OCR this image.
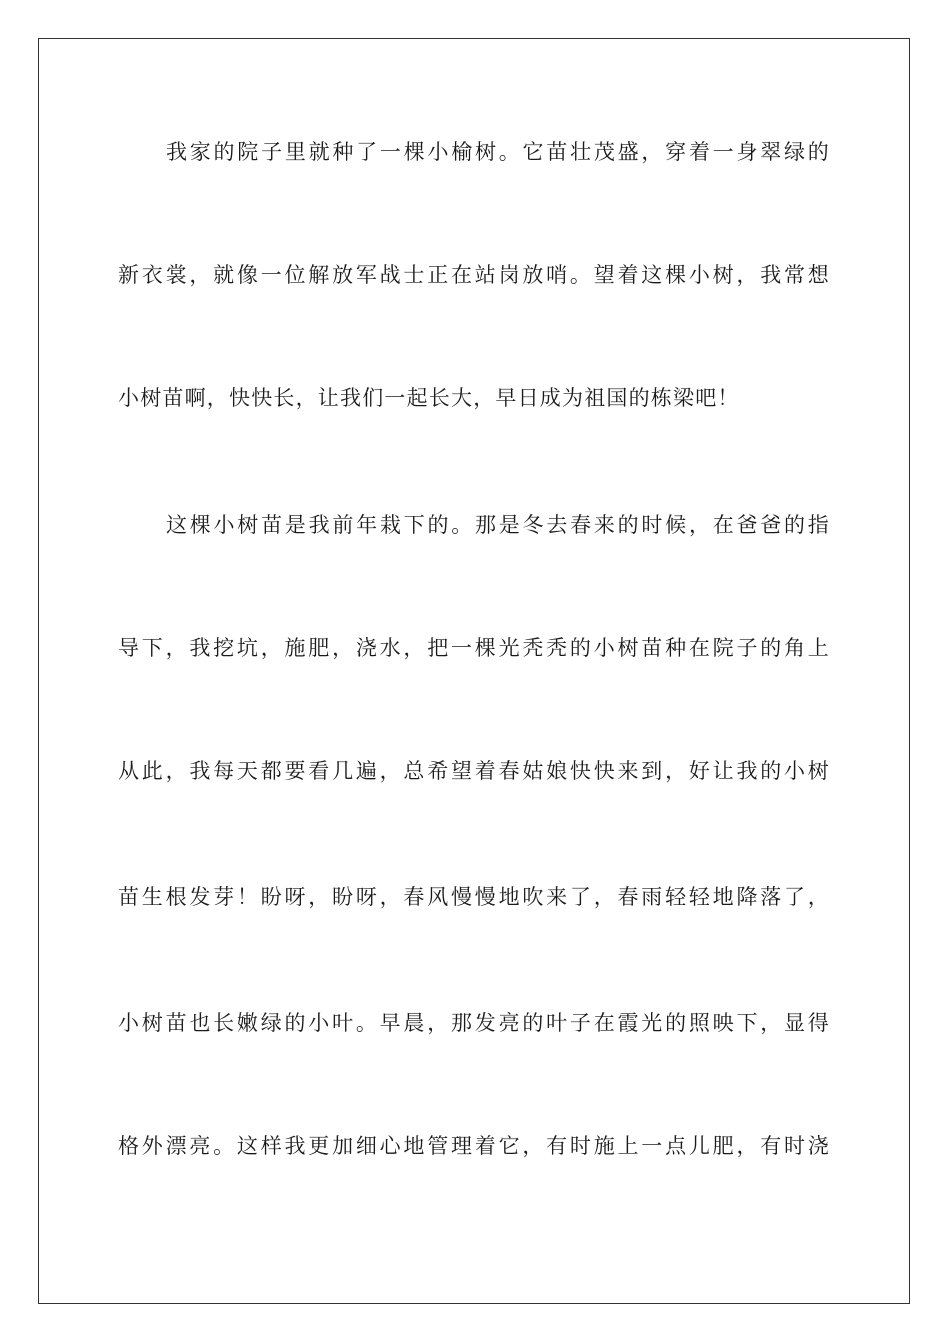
我家的院子里就种了一棵小榆树。它苗壮茂盛，穿着一身翠绿的
新衣裳，就像一位解放军战士正在站岗放哨。望着这棵小树，我常想
小树苗啊，快快长，让我们一起长大，早日成为祖国的栋梁吧！
这棵小树苗是我前年栽下的。那是冬去春来的时候，在爸爸的指
导下，我挖坑，施肥，浇水，把一棵光秃秃的小树苗种在院子的角上
从此，我每天都要看几遍，总希望着春姑娘快快来到，好让我的小树
苗生根发芽！盼呀，盼呀，春风慢慢地吹来了，春雨轻轻地降落了，
小树苗也长嫩绿的小叶。早晨，那发亮的叶子在霞光的照映下，显得
格外漂亮。这样我更加细心地管理着它，有时施上一点儿肥，有时浇
